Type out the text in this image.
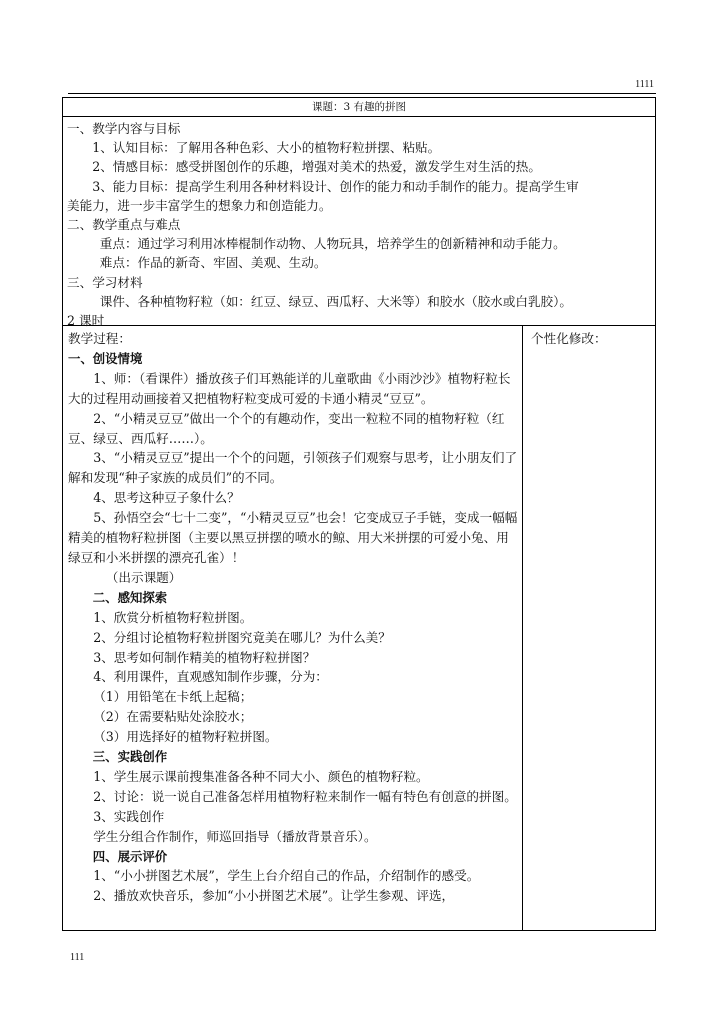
1111
课题：3 有趣的拼图

一、教学内容与目标

1、认知目标：了解用各种色彩、大小的植物籽粒拼摆、粘贴。

2、情感目标：感受拼图创作的乐趣，增强对美术的热爱，激发学生对生活的热。

3、能力目标：提高学生利用各种材料设计、创作的能力和动手制作的能力。提高学生审

美能力，进一步丰富学生的想象力和创造能力。

二、教学重点与难点

重点：通过学习利用冰棒棍制作动物、人物玩具，培养学生的创新精神和动手能力。

难点：作品的新奇、牢固、美观、生动。

三、学习材料

课件、各种植物籽粒（如：红豆、绿豆、西瓜籽、大米等）和胶水（胶水或白乳胶）。

2 课时

教学过程：

一、创设情境

1、师：（看课件）播放孩子们耳熟能详的儿童歌曲《小雨沙沙》植物籽粒长大的过程用动画接着又把植物籽粒变成可爱的卡通小精灵“豆豆”。

2、“小精灵豆豆”做出一个个的有趣动作，变出一粒粒不同的植物籽粒（红豆、绿豆、西瓜籽……）。

3、“小精灵豆豆”提出一个个的问题，引领孩子们观察与思考，让小朋友们了解和发现“种子家族的成员们”的不同。

4、思考这种豆子象什么？

5、孙悟空会“七十二变”，“小精灵豆豆”也会！它变成豆子手链，变成一幅幅精美的植物籽粒拼图（主要以黑豆拼摆的喷水的鲸、用大米拼摆的可爱小兔、用绿豆和小米拼摆的漂亮孔雀）！

（出示课题）

二、感知探索

1、欣赏分析植物籽粒拼图。

2、分组讨论植物籽粒拼图究竟美在哪儿？为什么美？

3、思考如何制作精美的植物籽粒拼图？

4、利用课件，直观感知制作步骤，分为：

（1）用铅笔在卡纸上起稿；

（2）在需要粘贴处涂胶水；

（3）用选择好的植物籽粒拼图。

三、实践创作

1、学生展示课前搜集准备各种不同大小、颜色的植物籽粒。

2、讨论：说一说自己准备怎样用植物籽粒来制作一幅有特色有创意的拼图。

3、实践创作

学生分组合作制作，师巡回指导（播放背景音乐）。

四、展示评价

1、“小小拼图艺术展”，学生上台介绍自己的作品，介绍制作的感受。

2、播放欢快音乐，参加“小小拼图艺术展”。让学生参观、评选，

个性化修改：

111
